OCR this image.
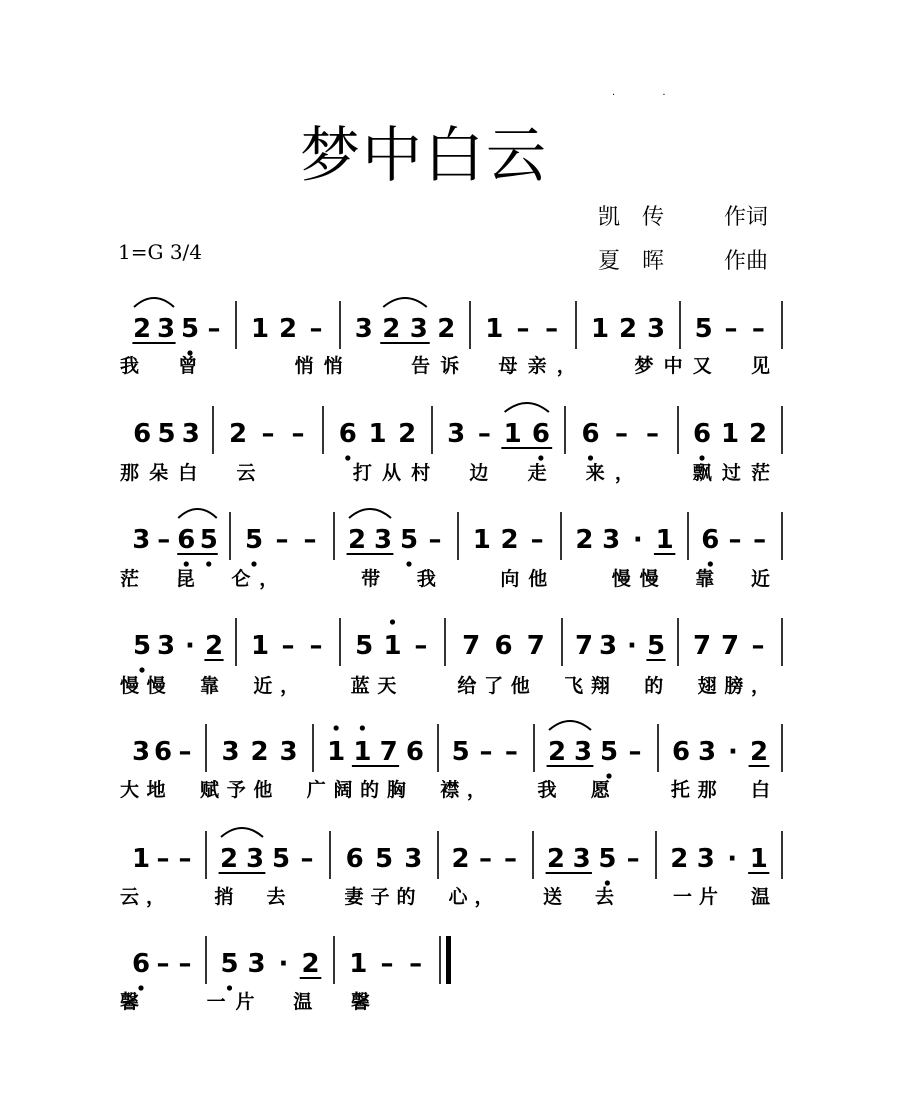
梦中白云
· ·
凯　传	作词
夏　晖	作曲
1=G 3/4
2 3 5 – 1 2 – 3 2 3 2 1 – – 1 2 3 5 – –
我　曾　　　悄悄　　告诉　母亲，　　梦中又　见
6 5 3 2 – – 6 1 2 3 – 1 6 6 – – 6 1 2
那朵白　云　　　打从村　边　走　来，　　飘过茫
3 – 6 5 5 – – 2 3 5 – 1 2 – 2 3 · 1 6 – –
茫　昆　仑，　　　带　我　　向他　　慢慢　靠　近
5 3 · 2 1 – – 5 1 – 7 6 7 7 3 · 5 7 7 –
慢慢　靠　近，　　蓝天　　给了他　飞翔　的　翅膀，
3 6 – 3 2 3 1 1 7 6 5 – – 2 3 5 – 6 3 · 2
大地　赋予他　广阔的胸　襟，　　我　愿　　托那　白
1 – – 2 3 5 – 6 5 3 2 – – 2 3 5 – 2 3 · 1
云，　　捎　去　　妻子的　心，　　送　去　　一片　温
6 – – 5 3 · 2 1 – –
馨　　一片　温　馨
